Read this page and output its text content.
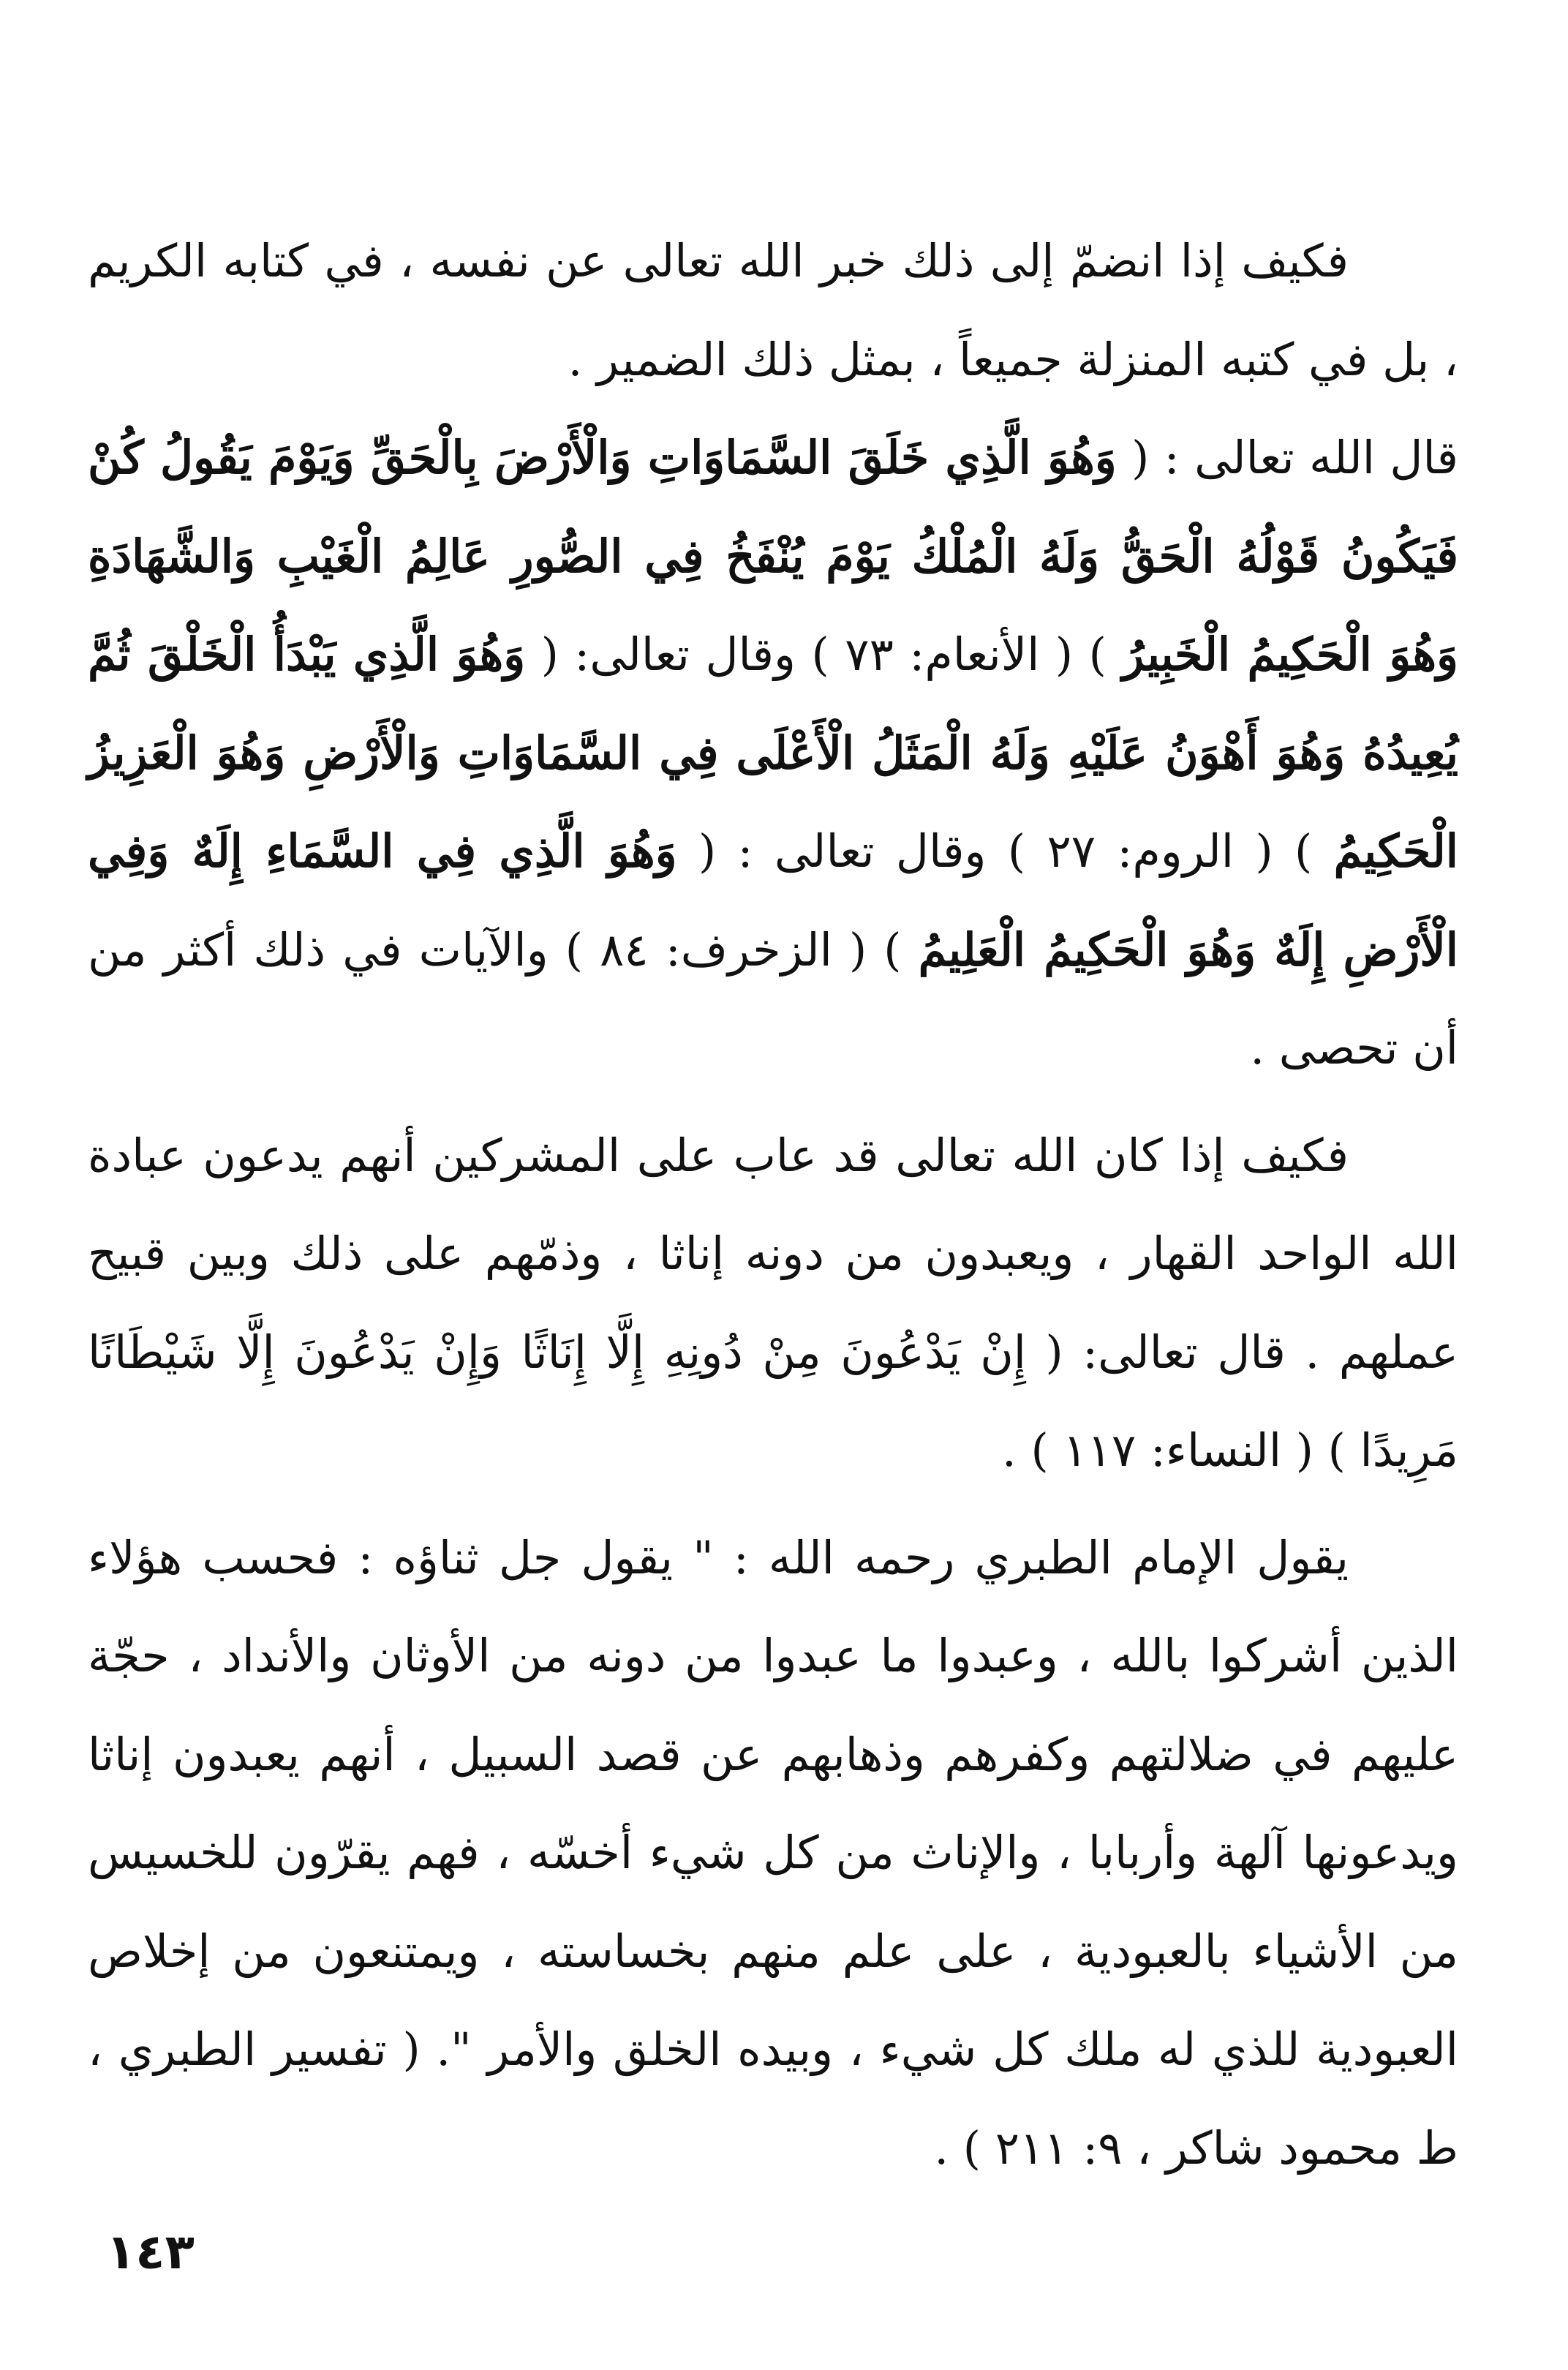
فكيف إذا انضمّ إلى ذلك خبر الله تعالى عن نفسه ، في كتابه الكريم ، بل في كتبه المنزلة جميعاً ، بمثل ذلك الضمير .

قال الله تعالى : ( وَهُوَ الَّذِي خَلَقَ السَّمَاوَاتِ وَالْأَرْضَ بِالْحَقِّ وَيَوْمَ يَقُولُ كُنْ فَيَكُونُ قَوْلُهُ الْحَقُّ وَلَهُ الْمُلْكُ يَوْمَ يُنْفَخُ فِي الصُّورِ عَالِمُ الْغَيْبِ وَالشَّهَادَةِ وَهُوَ الْحَكِيمُ الْخَبِيرُ ) ( الأنعام: ٧٣ ) وقال تعالى: ( وَهُوَ الَّذِي يَبْدَأُ الْخَلْقَ ثُمَّ يُعِيدُهُ وَهُوَ أَهْوَنُ عَلَيْهِ وَلَهُ الْمَثَلُ الْأَعْلَى فِي السَّمَاوَاتِ وَالْأَرْضِ وَهُوَ الْعَزِيزُ الْحَكِيمُ ) ( الروم: ٢٧ ) وقال تعالى : ( وَهُوَ الَّذِي فِي السَّمَاءِ إِلَهٌ وَفِي الْأَرْضِ إِلَهٌ وَهُوَ الْحَكِيمُ الْعَلِيمُ ) ( الزخرف: ٨٤ ) والآيات في ذلك أكثر من أن تحصى .

فكيف إذا كان الله تعالى قد عاب على المشركين أنهم يدعون عبادة الله الواحد القهار ، ويعبدون من دونه إناثا ، وذمّهم على ذلك وبين قبيح عملهم . قال تعالى: ( إِنْ يَدْعُونَ مِنْ دُونِهِ إِلَّا إِنَاثًا وَإِنْ يَدْعُونَ إِلَّا شَيْطَانًا مَرِيدًا ) ( النساء: ١١٧ ) .

يقول الإمام الطبري رحمه الله : " يقول جل ثناؤه : فحسب هؤلاء الذين أشركوا بالله ، وعبدوا ما عبدوا من دونه من الأوثان والأنداد ، حجّة عليهم في ضلالتهم وكفرهم وذهابهم عن قصد السبيل ، أنهم يعبدون إناثا ويدعونها آلهة وأربابا ، والإناث من كل شيء أخسّه ، فهم يقرّون للخسيس من الأشياء بالعبودية ، على علم منهم بخساسته ، ويمتنعون من إخلاص العبودية للذي له ملك كل شيء ، وبيده الخلق والأمر ". ( تفسير الطبري ، ط محمود شاكر ، ٩: ٢١١ ) .

١٤٣
